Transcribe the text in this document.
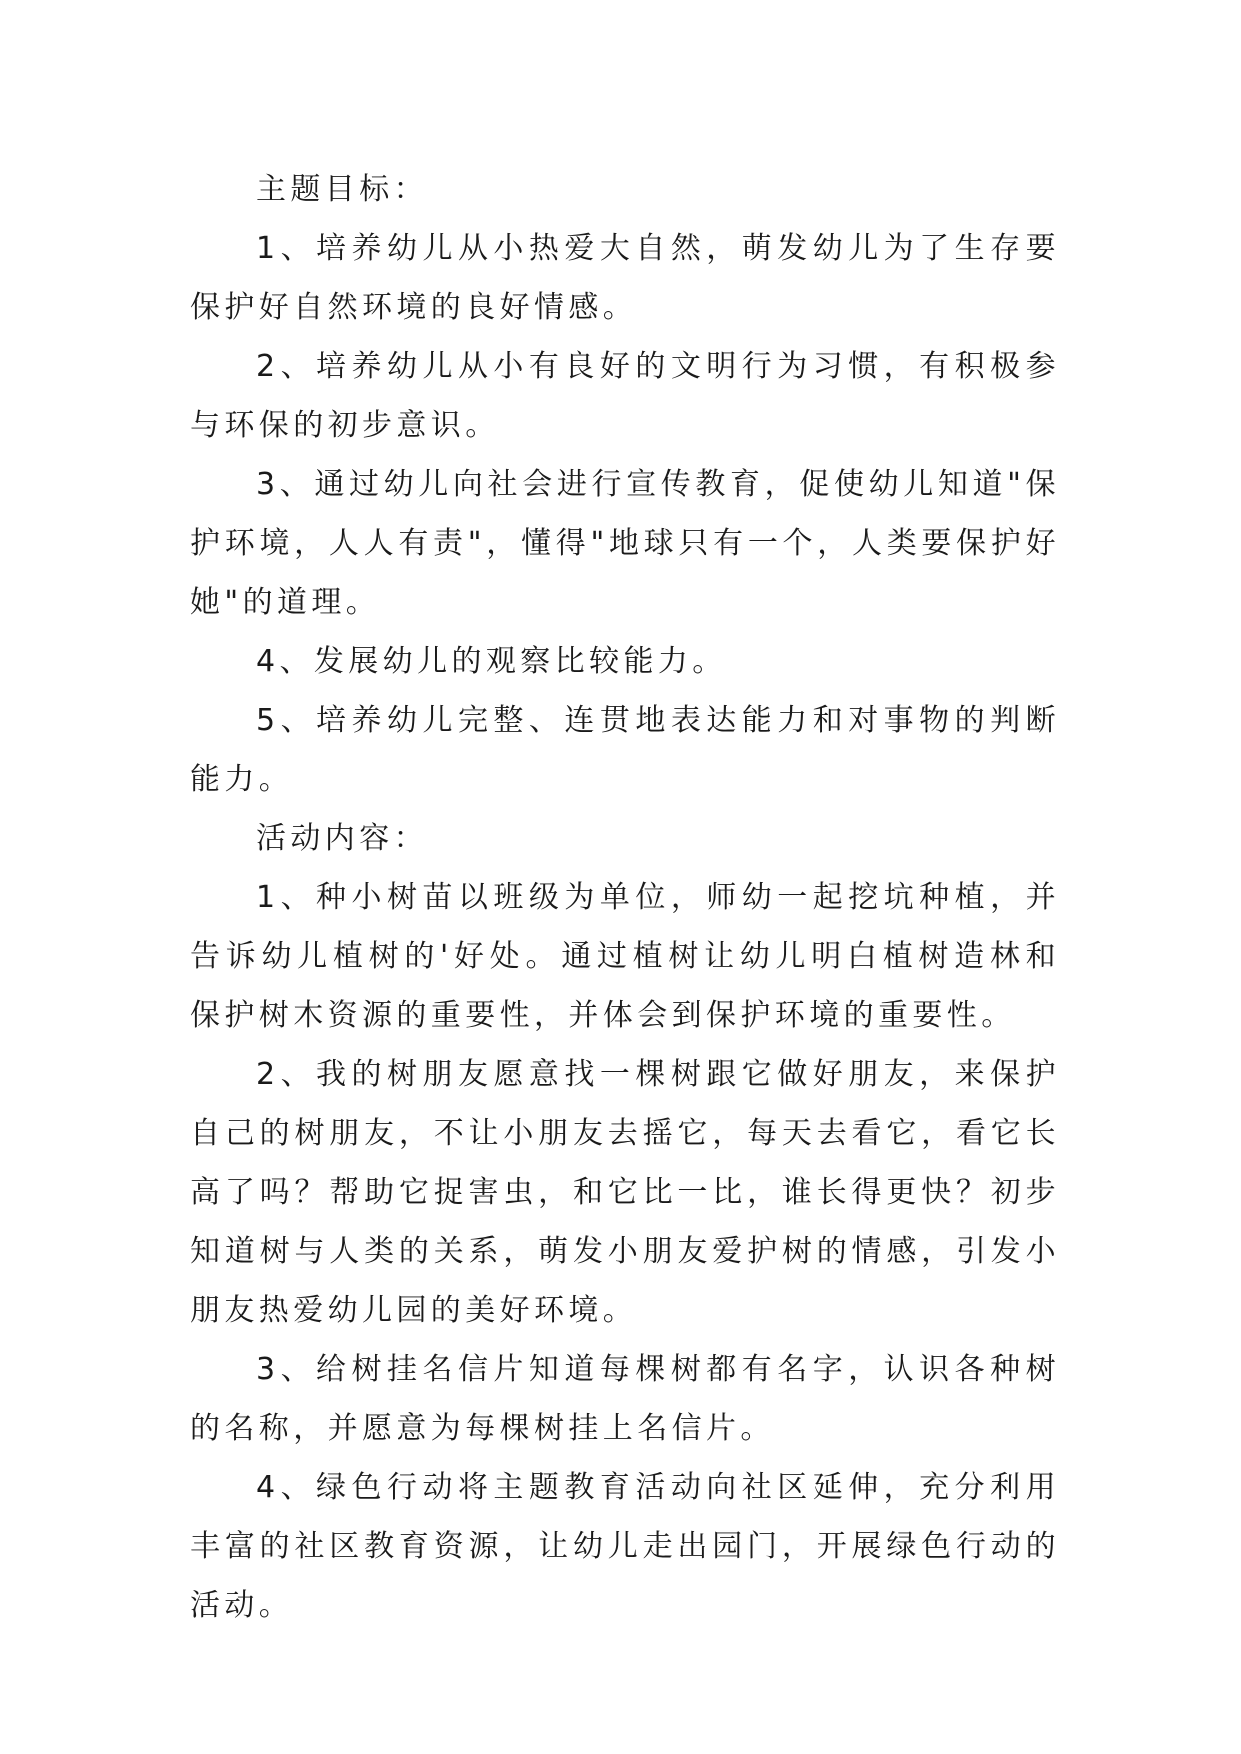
主题目标：

1、培养幼儿从小热爱大自然，萌发幼儿为了生存要保护好自然环境的良好情感。

2、培养幼儿从小有良好的文明行为习惯，有积极参与环保的初步意识。

3、通过幼儿向社会进行宣传教育，促使幼儿知道"保护环境，人人有责"，懂得"地球只有一个，人类要保护好她"的道理。

4、发展幼儿的观察比较能力。

5、培养幼儿完整、连贯地表达能力和对事物的判断能力。

活动内容：

1、种小树苗以班级为单位，师幼一起挖坑种植，并告诉幼儿植树的'好处。通过植树让幼儿明白植树造林和保护树木资源的重要性，并体会到保护环境的重要性。

2、我的树朋友愿意找一棵树跟它做好朋友，来保护自己的树朋友，不让小朋友去摇它，每天去看它，看它长高了吗？帮助它捉害虫，和它比一比，谁长得更快？初步知道树与人类的关系，萌发小朋友爱护树的情感，引发小朋友热爱幼儿园的美好环境。

3、给树挂名信片知道每棵树都有名字，认识各种树的名称，并愿意为每棵树挂上名信片。

4、绿色行动将主题教育活动向社区延伸，充分利用丰富的社区教育资源，让幼儿走出园门，开展绿色行动的活动。
